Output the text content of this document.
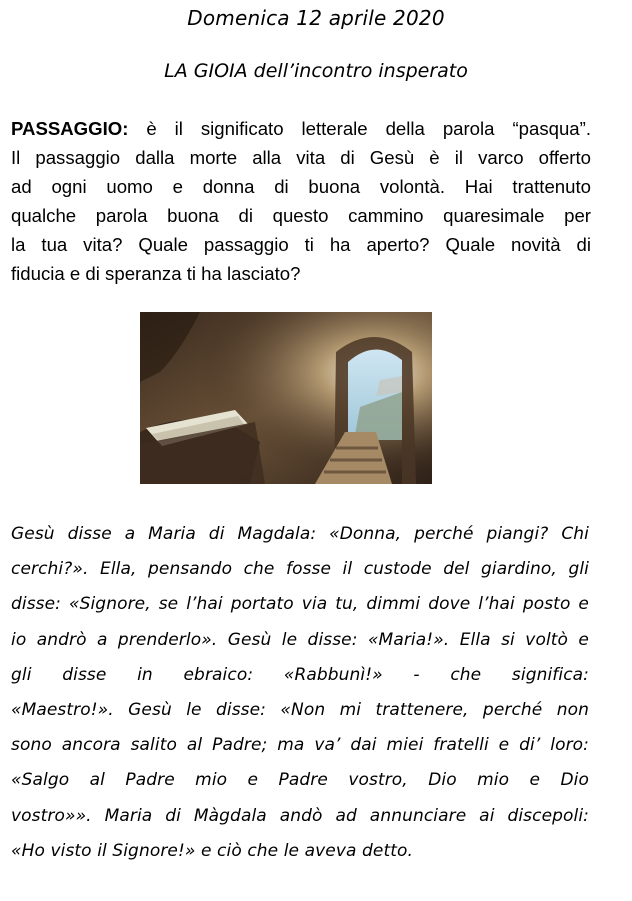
Domenica 12 aprile 2020
LA GIOIA dell’incontro insperato
PASSAGGIO: è il significato letterale della parola “pasqua”.
Il passaggio dalla morte alla vita di Gesù è il varco offerto
ad ogni uomo e donna di buona volontà. Hai trattenuto
qualche parola buona di questo cammino quaresimale per
la tua vita? Quale passaggio ti ha aperto? Quale novità di
fiducia e di speranza ti ha lasciato?
Gesù disse a Maria di Magdala: «Donna, perché piangi? Chi
cerchi?». Ella, pensando che fosse il custode del giardino, gli
disse: «Signore, se l’hai portato via tu, dimmi dove l’hai posto e
io andrò a prenderlo». Gesù le disse: «Maria!». Ella si voltò e
gli disse in ebraico: «Rabbunì!» - che significa:
«Maestro!». Gesù le disse: «Non mi trattenere, perché non
sono ancora salito al Padre; ma va’ dai miei fratelli e di’ loro:
«Salgo al Padre mio e Padre vostro, Dio mio e Dio
vostro»». Maria di Màgdala andò ad annunciare ai discepoli:
«Ho visto il Signore!» e ciò che le aveva detto.
